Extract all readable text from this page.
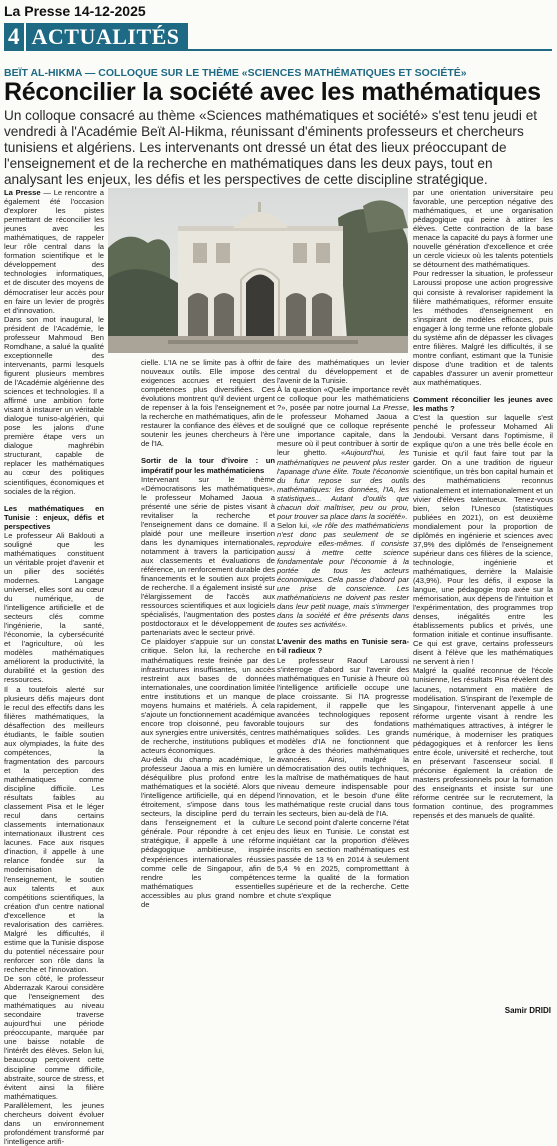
La Presse 14-12-2025
4 ACTUALITÉS
BEÏT AL-HIKMA — COLLOQUE SUR LE THÈME «SCIENCES MATHÉMATIQUES ET SOCIÉTÉ»
Réconcilier la société avec les mathématiques
Un colloque consacré au thème «Sciences mathématiques et société» s'est tenu jeudi et vendredi à l'Académie Beït Al-Hikma, réunissant d'éminents professeurs et chercheurs tunisiens et algériens. Les intervenants ont dressé un état des lieux préoccupant de l'enseignement et de la recherche en mathématiques dans les deux pays, tout en analysant les enjeux, les défis et les perspectives de cette discipline stratégique.

La Presse — Le rencontre a également été l'occasion d'explorer les pistes permettant de réconcilier les jeunes avec les mathématiques, de rappeler leur rôle central dans la formation scientifique et le développement des technologies informatiques, et de discuter des moyens de démocratiser leur accès pour en faire un levier de progrès et d'innovation.

Dans son mot inaugural, le président de l'Académie, le professeur Mahmoud Ben Romdhane, a salué la qualité exceptionnelle des intervenants, parmi lesquels figurent plusieurs membres de l'Académie algérienne des sciences et technologies. Il a affirmé une ambition forte visant à instaurer un véritable dialogue tuniso-algérien, qui pose les jalons d'une première étape vers un dialogue maghrébin structurant, capable de replacer les mathématiques au cœur des politiques scientifiques, économiques et sociales de la région.

Les mathématiques en Tunisie : enjeux, défis et perspectives

Le professeur Ali Baklouti a souligné que les mathématiques constituent un véritable projet d'avenir et un pilier des sociétés modernes. Langage universel, elles sont au cœur du numérique, de l'intelligence artificielle et de secteurs clés comme l'ingénierie, la santé, l'économie, la cybersécurité et l'agriculture, où les modèles mathématiques améliorent la productivité, la durabilité et la gestion des ressources.

Il a toutefois alerté sur plusieurs défis majeurs dont le recul des effectifs dans les filières mathématiques, la désaffection des meilleurs étudiants, le faible soutien aux olympiades, la fuite des compétences, la fragmentation des parcours et la perception des mathématiques comme discipline difficile. Les résultats faibles au classement Pisa et le léger recul dans certains classements internationaux internationaux illustrent ces lacunes. Face aux risques d'inaction, il appelle à une relance fondée sur la modernisation de l'enseignement, le soutien aux talents et aux compétitions scientifiques, la création d'un centre national d'excellence et la revalorisation des carrières. Malgré les difficultés, il estime que la Tunisie dispose du potentiel nécessaire pour renforcer son rôle dans la recherche et l'innovation.

De son côté, le professeur Abderrazak Karoui considère que l'enseignement des mathématiques au niveau secondaire traverse aujourd'hui une période préoccupante, marquée par une baisse notable de l'intérêt des élèves. Selon lui, beaucoup perçoivent cette discipline comme difficile, abstraite, source de stress, et évitent ainsi la filière mathématiques. Parallèlement, les jeunes chercheurs doivent évoluer dans un environnement profondément transformé par l'intelligence artifi-

cielle. L'IA ne se limite pas à offrir de nouveaux outils. Elle impose des exigences accrues et requiert des compétences plus diversifiées. Ces évolutions montrent qu'il devient urgent de repenser à la fois l'enseignement et la recherche en mathématiques, afin de restaurer la confiance des élèves et de soutenir les jeunes chercheurs à l'ère de l'IA.

Sortir de la tour d'ivoire : un impératif pour les mathématiciens

Intervenant sur le thème «Démocratisons les mathématiques», le professeur Mohamed Jaoua a présenté une série de pistes visant à revitaliser la recherche et l'enseignement dans ce domaine. Il a plaidé pour une meilleure insertion dans les dynamiques internationales, notamment à travers la participation aux classements et évaluations de référence, un renforcement durable des financements et le soutien aux projets de recherche. Il a également insisté sur l'élargissement de l'accès aux ressources scientifiques et aux logiciels spécialisés, l'augmentation des postes postdoctoraux et le développement de partenariats avec le secteur privé.

Ce plaidoyer s'appuie sur un constat critique. Selon lui, la recherche en mathématiques reste freinée par des infrastructures insuffisantes, un accès restreint aux bases de données internationales, une coordination limitée entre institutions et un manque de moyens humains et matériels. À cela s'ajoute un fonctionnement académique encore trop cloisonné, peu favorable aux synergies entre universités, centres de recherche, institutions publiques et acteurs économiques.

Au-delà du champ académique, le professeur Jaoua a mis en lumière un déséquilibre plus profond entre les mathématiques et la société. Alors que l'intelligence artificielle, qui en dépend étroitement, s'impose dans tous les secteurs, la discipline perd du terrain dans l'enseignement et la culture générale. Pour répondre à cet enjeu stratégique, il appelle à une réforme pédagogique ambitieuse, inspirée d'expériences internationales réussies comme celle de Singapour, afin de rendre les compétences mathématiques essentielles accessibles au plus grand nombre et de

faire des mathématiques un levier central du développement et de l'avenir de la Tunisie.

À la question «Quelle importance revêt ce colloque pour les mathématiciens ?», posée par notre journal La Presse, le professeur Mohamed Jaoua a souligné que ce colloque représente une importance capitale, dans la mesure où il peut contribuer à sortir de leur ghetto. «Aujourd'hui, les mathématiques ne peuvent plus rester l'apanage d'une élite. Toute l'économie du futur repose sur des outils mathématiques: les données, l'IA, les statistiques... Autant d'outils que chacun doit maîtriser, peu ou prou, pour trouver sa place dans la société».

Selon lui, «le rôle des mathématiciens n'est donc pas seulement de se reproduire elles-mêmes. Il consiste aussi à mettre cette science fondamentale pour l'économie à la portée de tous les acteurs économiques. Cela passe d'abord par une prise de conscience. Les mathématiciens ne doivent pas rester dans leur petit nuage, mais s'immerger dans la société et être présents dans toutes ses activités».

L'avenir des maths en Tunisie sera-t-il radieux ?

Le professeur Raouf Laroussi s'interroge d'abord sur l'avenir des mathématiques en Tunisie à l'heure où l'intelligence artificielle occupe une place croissante. Si l'IA progresse rapidement, il rappelle que les avancées technologiques reposent toujours sur des fondations mathématiques solides. Les grands modèles d'IA ne fonctionnent que grâce à des théories mathématiques avancées. Ainsi, malgré la démocratisation des outils techniques, la maîtrise de mathématiques de haut niveau demeure indispensable pour l'innovation, et le besoin d'une élite mathématique reste crucial dans tous les secteurs, bien au-delà de l'IA.

Le second point d'alerte concerne l'état des lieux en Tunisie. Le constat est inquiétant car la proportion d'élèves inscrits en section mathématiques est passée de 13 % en 2014 à seulement 5,4 % en 2025, comprometttant à terme la qualité de la formation supérieure et de la recherche. Cette chute s'explique

par une orientation universitaire peu favorable, une perception négative des mathématiques, et une organisation pédagogique qui peine à attirer les élèves. Cette contraction de la base menace la capacité du pays à former une nouvelle génération d'excellence et crée un cercle vicieux où les talents potentiels se détournent des mathématiques.

Pour redresser la situation, le professeur Laroussi propose une action progressive qui consiste à revaloriser rapidement la filière mathématiques, réformer ensuite les méthodes d'enseignement en s'inspirant de modèles efficaces, puis engager à long terme une refonte globale du système afin de dépasser les clivages entre filières. Malgré les difficultés, il se montre confiant, estimant que la Tunisie dispose d'une tradition et de talents capables d'assurer un avenir prometteur aux mathématiques.

Comment réconcilier les jeunes avec les maths ?

C'est la question sur laquelle s'est penché le professeur Mohamed Ali Jendoubi. Versant dans l'optimisme, il explique qu'on a une très belle école en Tunisie et qu'il faut faire tout par la garder. On a une tradition de rigueur scientifique, un très bon capital humain et des mathématiciens reconnus nationalement et internationalement et un vivier d'élèves talentueux. Tenez-vous bien, selon l'Unesco (statistiques publiées en 2021), on est deuxième mondialement pour la proportion de diplômés en ingénierie et sciences avec 37,9% des diplômés de l'enseignement supérieur dans ces filières de la science, technologie, ingénierie et mathématiques, derrière la Malaisie (43,9%). Pour les défis, il expose la langue, une pédagogie trop axée sur la mémorisation, aux dépens de l'intuition et l'expérimentation, des programmes trop denses, inégalités entre les établissements publics et privés, une formation initiale et continue insuffisante. Ce qui est grave, certains professeurs disent à l'élève que les mathématiques ne servent à rien !

Malgré la qualité reconnue de l'école tunisienne, les résultats Pisa révèlent des lacunes, notamment en matière de modélisation. S'inspirant de l'exemple de Singapour, l'intervenant appelle à une réforme urgente visant à rendre les mathématiques attractives, à intégrer le numérique, à moderniser les pratiques pédagogiques et à renforcer les liens entre école, université et recherche, tout en préservant l'ascenseur social. Il préconise également la création de masters professionnels pour la formation des enseignants et insiste sur une réforme centrée sur le recrutement, la formation continue, des programmes repensés et des manuels de qualité.

Samir DRIDI
